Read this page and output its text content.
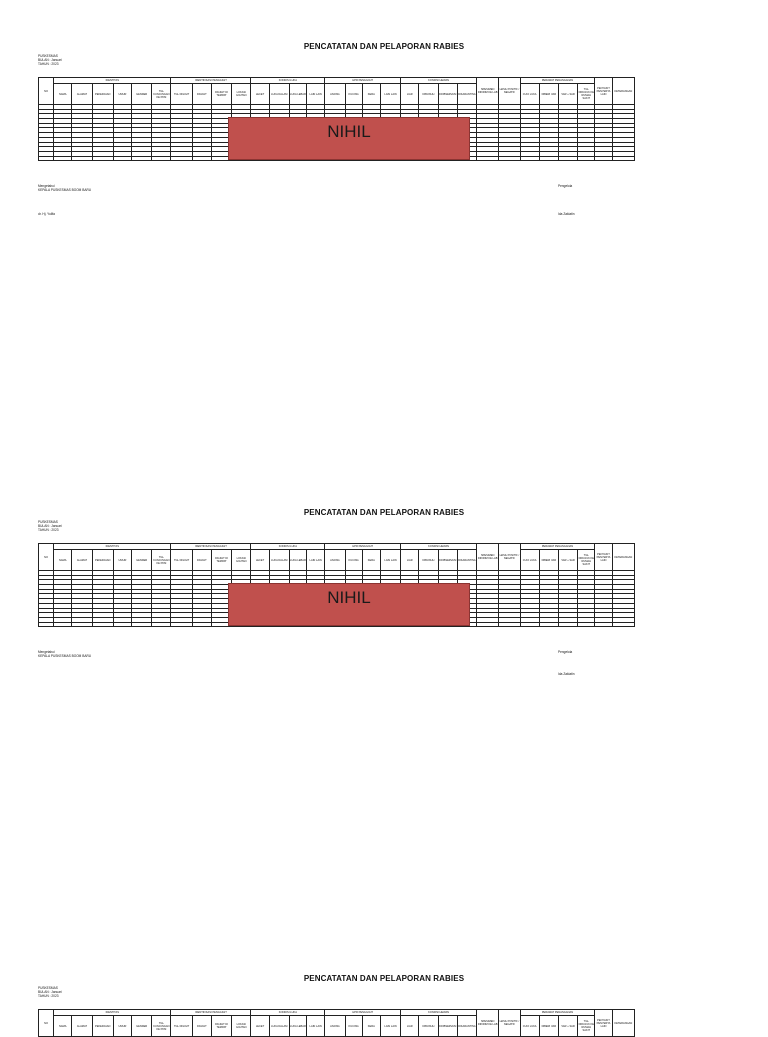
PENCATATAN DAN PELAPORAN RABIES
PUSKESMAS
BULAN : Januari
TAHUN : 2023
NO	IDENTITAS						IDENTIFIKASI PENGGIGIT				KONDISI LUKA				HPR PENGGIGIT				KONDISI HEWAN				SPESIMEN DIKIRIM KE LAB	HASIL POSITIF / NEGATIF	PERAWAT PENANGANAN				PENYAKIT PENYERTA LAIN	KETERANGAN
	NAMA	ALAMAT	PEKERJAAN	UMUR	GENDER	TGL KUNJUNGAN KE PKM	TGL DIGIGIT	DIGIGIT	DIGIGIT DI TEMPAT	LOKASI GIGITAN	LECET	LUKA DALAM	LUKA LEBAR	LAIN LAIN	ANJING	KUCING	KERA	LAIN LAIN	LIAR	DIBUNUH	DIOBSERVASI	DIKARANTINA			CUCI LUKA	DIBERI VAR	VAR + SAR	TGL DIRUJUK KE RUMAH SAKIT		

NIHIL
Mengetahui
KEPALA PUSKESMAS BOOM BARU
dr. Hj. Yulifa
Pengelola
Ida Zakiatin
PENCATATAN DAN PELAPORAN RABIES
PUSKESMAS
BULAN : Januari
TAHUN : 2023
NO	IDENTITAS						IDENTIFIKASI PENGGIGIT				KONDISI LUKA				HPR PENGGIGIT				KONDISI HEWAN				SPESIMEN DIKIRIM KE LAB	HASIL POSITIF / NEGATIF	PERAWAT PENANGANAN				PENYAKIT PENYERTA LAIN	KETERANGAN
	NAMA	ALAMAT	PEKERJAAN	UMUR	GENDER	TGL KUNJUNGAN KE PKM	TGL DIGIGIT	DIGIGIT	DIGIGIT DI TEMPAT	LOKASI GIGITAN	LECET	LUKA DALAM	LUKA LEBAR	LAIN LAIN	ANJING	KUCING	KERA	LAIN LAIN	LIAR	DIBUNUH	DIOBSERVASI	DIKARANTINA			CUCI LUKA	DIBERI VAR	VAR + SAR	TGL DIRUJUK KE RUMAH SAKIT		

NIHIL
Mengetahui
KEPALA PUSKESMAS BOOM BARU
Pengelola
Ida Zakiatin
PENCATATAN DAN PELAPORAN RABIES
PUSKESMAS
BULAN : Januari
TAHUN : 2023
NO	IDENTITAS						IDENTIFIKASI PENGGIGIT				KONDISI LUKA				HPR PENGGIGIT				KONDISI HEWAN				SPESIMEN DIKIRIM KE LAB	HASIL POSITIF / NEGATIF	PERAWAT PENANGANAN				PENYAKIT PENYERTA LAIN	KETERANGAN
	NAMA	ALAMAT	PEKERJAAN	UMUR	GENDER	TGL KUNJUNGAN KE PKM	TGL DIGIGIT	DIGIGIT	DIGIGIT DI TEMPAT	LOKASI GIGITAN	LECET	LUKA DALAM	LUKA LEBAR	LAIN LAIN	ANJING	KUCING	KERA	LAIN LAIN	LIAR	DIBUNUH	DIOBSERVASI	DIKARANTINA			CUCI LUKA	DIBERI VAR	VAR + SAR	TGL DIRUJUK KE RUMAH SAKIT		
